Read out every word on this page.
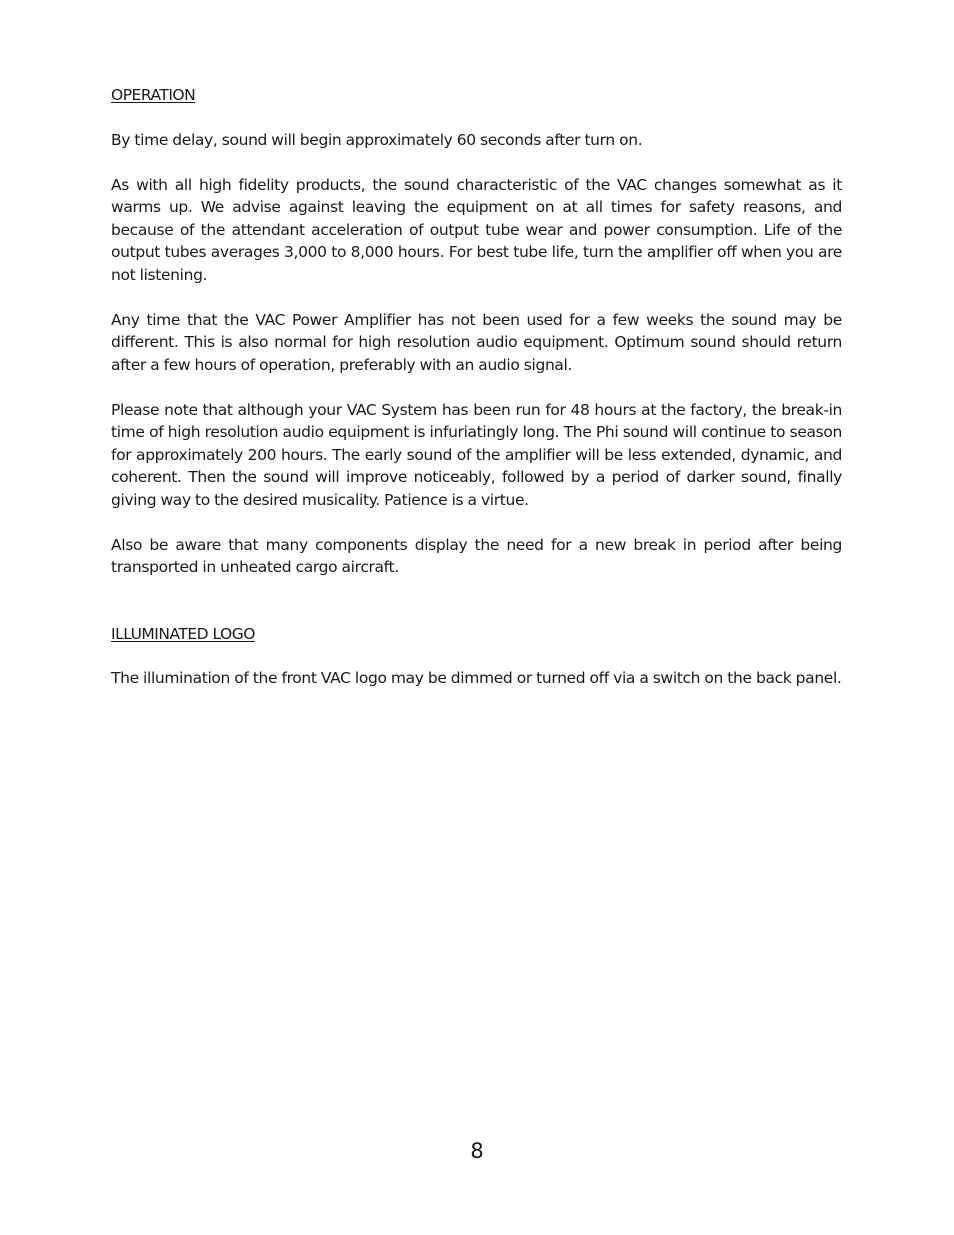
OPERATION

By time delay, sound will begin approximately 60 seconds after turn on.

As with all high fidelity products, the sound characteristic of the VAC changes somewhat as it warms up. We advise against leaving the equipment on at all times for safety reasons, and because of the attendant acceleration of output tube wear and power consumption. Life of the output tubes averages 3,000 to 8,000 hours. For best tube life, turn the amplifier off when you are not listening.

Any time that the VAC Power Amplifier has not been used for a few weeks the sound may be different. This is also normal for high resolution audio equipment. Optimum sound should return after a few hours of operation, preferably with an audio signal.

Please note that although your VAC System has been run for 48 hours at the factory, the break-in time of high resolution audio equipment is infuriatingly long. The Phi sound will continue to season for approximately 200 hours. The early sound of the amplifier will be less extended, dynamic, and coherent. Then the sound will improve noticeably, followed by a period of darker sound, finally giving way to the desired musicality. Patience is a virtue.

Also be aware that many components display the need for a new break in period after being transported in unheated cargo aircraft.

ILLUMINATED LOGO

The illumination of the front VAC logo may be dimmed or turned off via a switch on the back panel.

8
